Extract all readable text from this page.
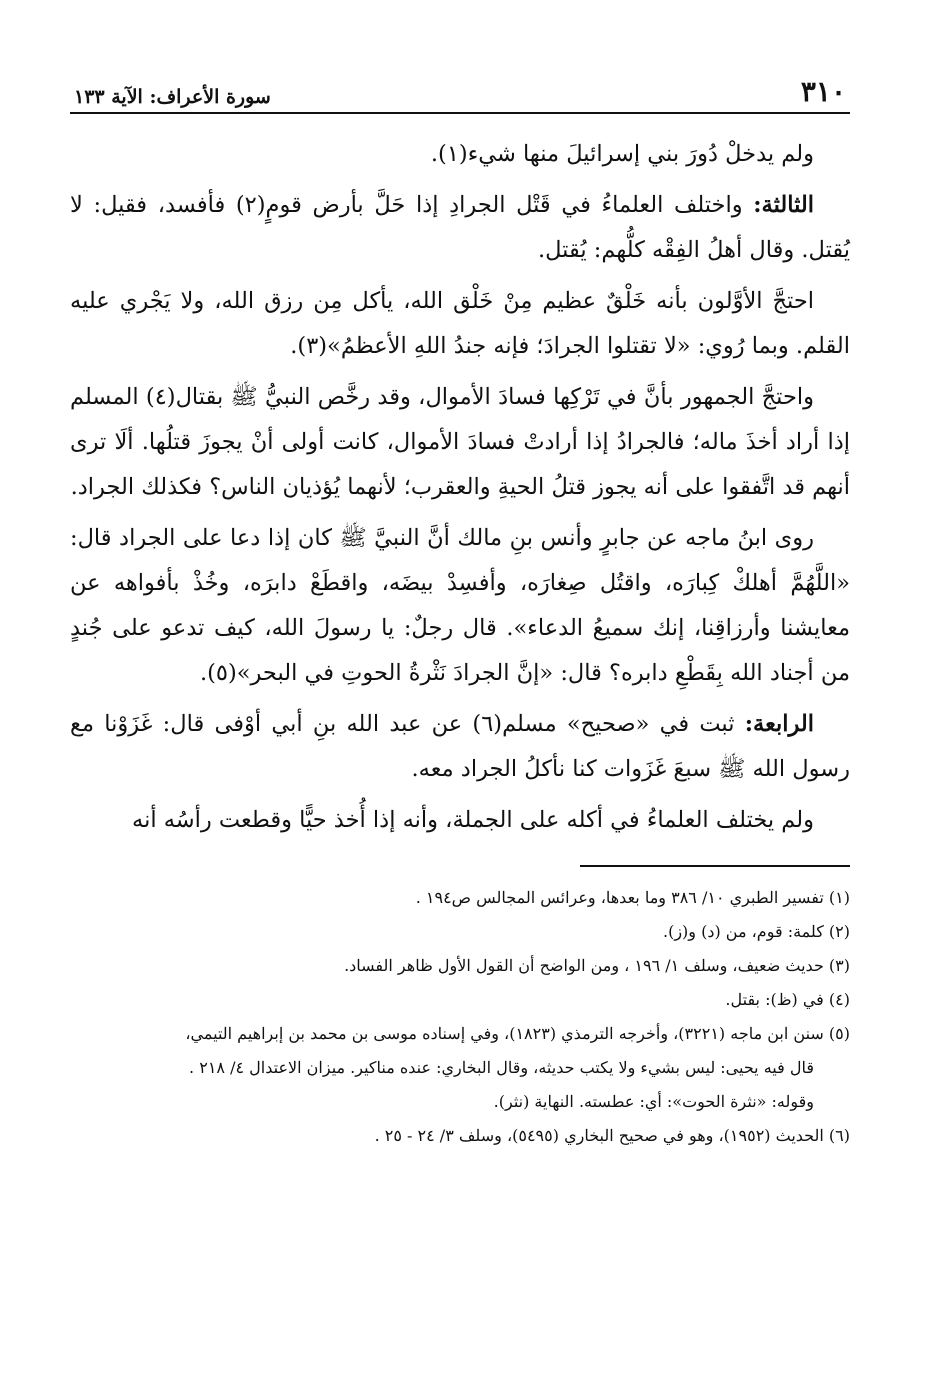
٣١٠
سورة الأعراف: الآية ١٣٣

ولم يدخلْ دُورَ بني إسرائيلَ منها شيء(١).

الثالثة: واختلف العلماءُ في قَتْل الجرادِ إذا حَلَّ بأرض قومٍ(٢) فأفسد، فقيل: لا يُقتل. وقال أهلُ الفِقْه كلُّهم: يُقتل.

احتجَّ الأوَّلون بأنه خَلْقٌ عظيم مِنْ خَلْق الله، يأكل مِن رزق الله، ولا يَجْري عليه القلم. وبما رُوي: «لا تقتلوا الجرادَ؛ فإنه جندُ اللهِ الأعظمُ»(٣).

واحتجَّ الجمهور بأنَّ في تَرْكِها فسادَ الأموال، وقد رخَّص النبيُّ ﷺ بقتال(٤) المسلم إذا أراد أخذَ ماله؛ فالجرادُ إذا أرادتْ فسادَ الأموال، كانت أولى أنْ يجوزَ قتلُها. ألَا ترى أنهم قد اتَّفقوا على أنه يجوز قتلُ الحيةِ والعقرب؛ لأنهما يُؤذيان الناس؟ فكذلك الجراد.

روى ابنُ ماجه عن جابرٍ وأنس بنِ مالك أنَّ النبيَّ ﷺ كان إذا دعا على الجراد قال: «اللَّهُمَّ أهلكْ كِبارَه، واقتُل صِغارَه، وأفسِدْ بيضَه، واقطَعْ دابرَه، وخُذْ بأفواهه عن معايشنا وأرزاقِنا، إنك سميعُ الدعاء». قال رجلٌ: يا رسولَ الله، كيف تدعو على جُندٍ من أجناد الله بِقَطْعِ دابره؟ قال: «إنَّ الجرادَ نَثْرةُ الحوتِ في البحر»(٥).

الرابعة: ثبت في «صحيح» مسلم(٦) عن عبد الله بنِ أبي أوْفى قال: غَزَوْنا مع رسول الله ﷺ سبعَ غَزَوات كنا نأكلُ الجراد معه.

ولم يختلف العلماءُ في أكله على الجملة، وأنه إذا أُخذ حيًّا وقطعت رأسُه أنه

(١) تفسير الطبري ١٠/ ٣٨٦ وما بعدها، وعرائس المجالس ص١٩٤ .

(٢) كلمة: قوم، من (د) و(ز).

(٣) حديث ضعيف، وسلف ١/ ١٩٦ ، ومن الواضح أن القول الأول ظاهر الفساد.

(٤) في (ظ): بقتل.

(٥) سنن ابن ماجه (٣٢٢١)، وأخرجه الترمذي (١٨٢٣)، وفي إسناده موسى بن محمد بن إبراهيم التيمي،

قال فيه يحيى: ليس بشيء ولا يكتب حديثه، وقال البخاري: عنده مناكير. ميزان الاعتدال ٤/ ٢١٨ .

وقوله: «نثرة الحوت»: أي: عطسته. النهاية (نثر).

(٦) الحديث (١٩٥٢)، وهو في صحيح البخاري (٥٤٩٥)، وسلف ٣/ ٢٤ - ٢٥ .
